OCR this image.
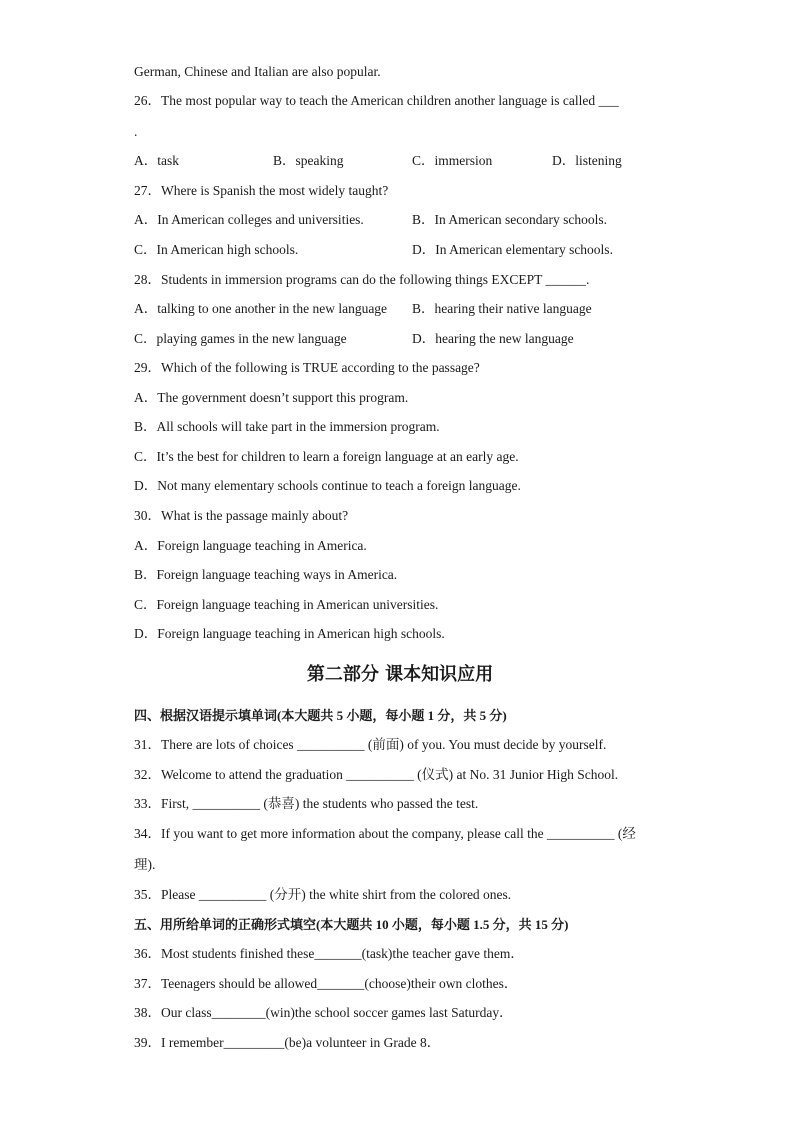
German, Chinese and Italian are also popular.
26．The most popular way to teach the American children another language is called ___
.
A．task	B．speaking	C．immersion	D．listening
27．Where is Spanish the most widely taught?
A．In American colleges and universities.	B．In American secondary schools.
C．In American high schools.	D．In American elementary schools.
28．Students in immersion programs can do the following things EXCEPT ______.
A．talking to one another in the new language B．hearing their native language
C．playing games in the new language	D．hearing the new language
29．Which of the following is TRUE according to the passage?
A．The government doesn’t support this program.
B．All schools will take part in the immersion program.
C．It’s the best for children to learn a foreign language at an early age.
D．Not many elementary schools continue to teach a foreign language.
30．What is the passage mainly about?
A．Foreign language teaching in America.
B．Foreign language teaching ways in America.
C．Foreign language teaching in American universities.
D．Foreign language teaching in American high schools.
第二部分 课本知识应用
四、根据汉语提示填单词(本大题共 5 小题，每小题 1 分，共 5 分)
31．There are lots of choices __________ (前面) of you. You must decide by yourself.
32．Welcome to attend the graduation __________ (仪式) at No. 31 Junior High School.
33．First, __________ (恭喜) the students who passed the test.
34．If you want to get more information about the company, please call the __________ (经
理).
35．Please __________ (分开) the white shirt from the colored ones.
五、用所给单词的正确形式填空(本大题共 10 小题，每小题 1.5 分，共 15 分)
36．Most students finished these_______(task)the teacher gave them．
37．Teenagers should be allowed_______(choose)their own clothes．
38．Our class________(win)the school soccer games last Saturday．
39．I remember_________(be)a volunteer in Grade 8．
